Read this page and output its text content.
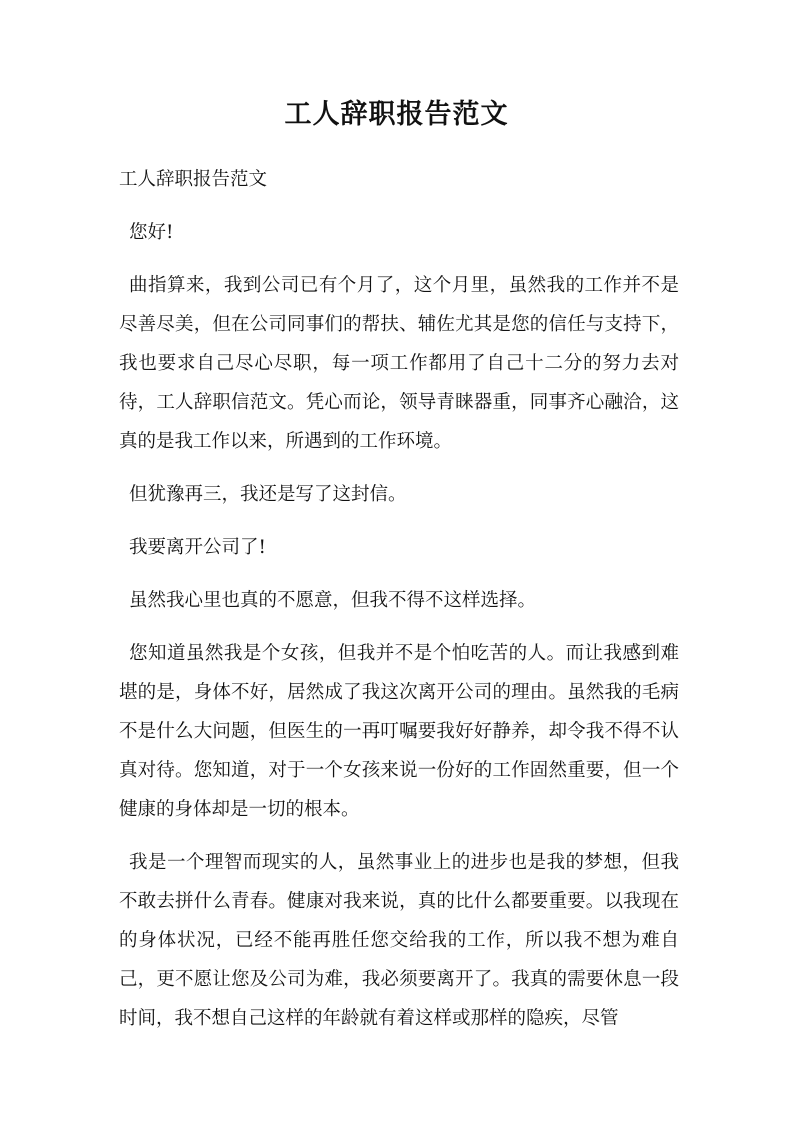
工人辞职报告范文

工人辞职报告范文

您好!

曲指算来，我到公司已有个月了，这个月里，虽然我的工作并不是尽善尽美，但在公司同事们的帮扶、辅佐尤其是您的信任与支持下，我也要求自己尽心尽职，每一项工作都用了自己十二分的努力去对待，工人辞职信范文。凭心而论，领导青睐器重，同事齐心融洽，这真的是我工作以来，所遇到的工作环境。

但犹豫再三，我还是写了这封信。

我要离开公司了!

虽然我心里也真的不愿意，但我不得不这样选择。

您知道虽然我是个女孩，但我并不是个怕吃苦的人。而让我感到难堪的是，身体不好，居然成了我这次离开公司的理由。虽然我的毛病不是什么大问题，但医生的一再叮嘱要我好好静养，却令我不得不认真对待。您知道，对于一个女孩来说一份好的工作固然重要，但一个健康的身体却是一切的根本。

我是一个理智而现实的人，虽然事业上的进步也是我的梦想，但我不敢去拼什么青春。健康对我来说，真的比什么都要重要。以我现在的身体状况，已经不能再胜任您交给我的工作，所以我不想为难自己，更不愿让您及公司为难，我必须要离开了。我真的需要休息一段时间，我不想自己这样的年龄就有着这样或那样的隐疾，尽管
